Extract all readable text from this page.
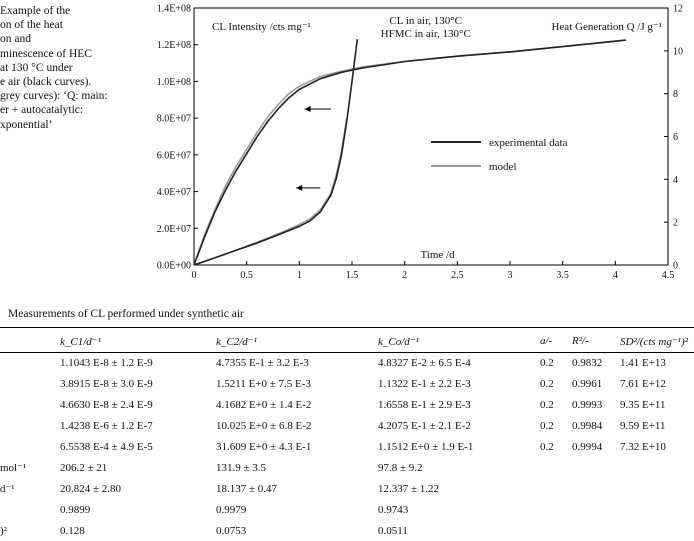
Example of the
on of the heat
on and
minescence of HEC
at 130 °C under
e air (black curves).
grey curves): ‘Q: main:
er + autocatalytic:
xponential’
0	0.5	1	1.5	2	2.5	3	3.5	4	4.5
0.0E+00
2.0E+07
4.0E+07
6.0E+07
8.0E+07
1.0E+08
1.2E+08
1.4E+08
0
2
4
6
8
10
12
CL Intensity /cts mg⁻¹	Heat Generation Q /J g⁻¹
CL in air, 130°C
HFMC in air, 130°C
Time /d
experimental data
model
Measurements of CL performed under synthetic air
	k_C1/d⁻¹	k_C2/d⁻¹	k_Co/d⁻¹	a/-	R²/-	SD²/(cts mg⁻¹)²
	1.1043 E-8 ± 1.2 E-9	4.7355 E-1 ± 3.2 E-3	4.8327 E-2 ± 6.5 E-4	0.2	0.9832	1.41 E+13
	3.8915 E-8 ± 3.0 E-9	1.5211 E+0 ± 7.5 E-3	1.1322 E-1 ± 2.2 E-3	0.2	0.9961	7.61 E+12
	4.6630 E-8 ± 2.4 E-9	4.1682 E+0 ± 1.4 E-2	1.6558 E-1 ± 2.9 E-3	0.2	0.9993	9.35 E+11
	1.4238 E-6 ± 1.2 E-7	10.025 E+0 ± 6.8 E-2	4.2075 E-1 ± 2.1 E-2	0.2	0.9984	9.59 E+11
	6.5538 E-4 ± 4.9 E-5	31.609 E+0 ± 4.3 E-1	1.1512 E+0 ± 1.9 E-1	0.2	0.9994	7.32 E+10
mol⁻¹	206.2 ± 21	131.9 ± 3.5	97.8 ± 9.2			
d⁻¹	20.824 ± 2.80	18.137 ± 0.47	12.337 ± 1.22			
	0.9899	0.9979	0.9743			
)²	0.128	0.0753	0.0511			
